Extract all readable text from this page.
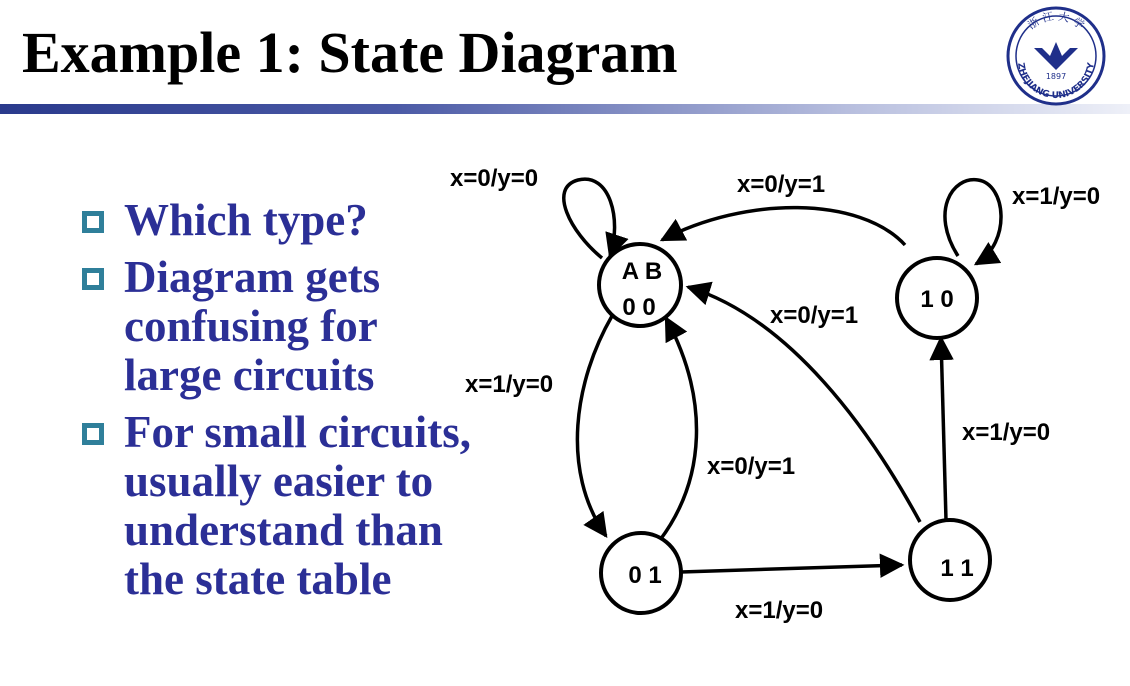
Example 1: State Diagram	浙 江 大 学
1897
ZHEJIANG UNIVERSITY
Which type?
Diagram gets
confusing for
large circuits
For small circuits,
usually easier to
understand than
the state table
A B
0 0	1 0
0 1	1 1
x=0/y=0	x=0/y=1	x=1/y=0
x=0/y=1
x=1/y=0
x=0/y=1
x=1/y=0
x=1/y=0
